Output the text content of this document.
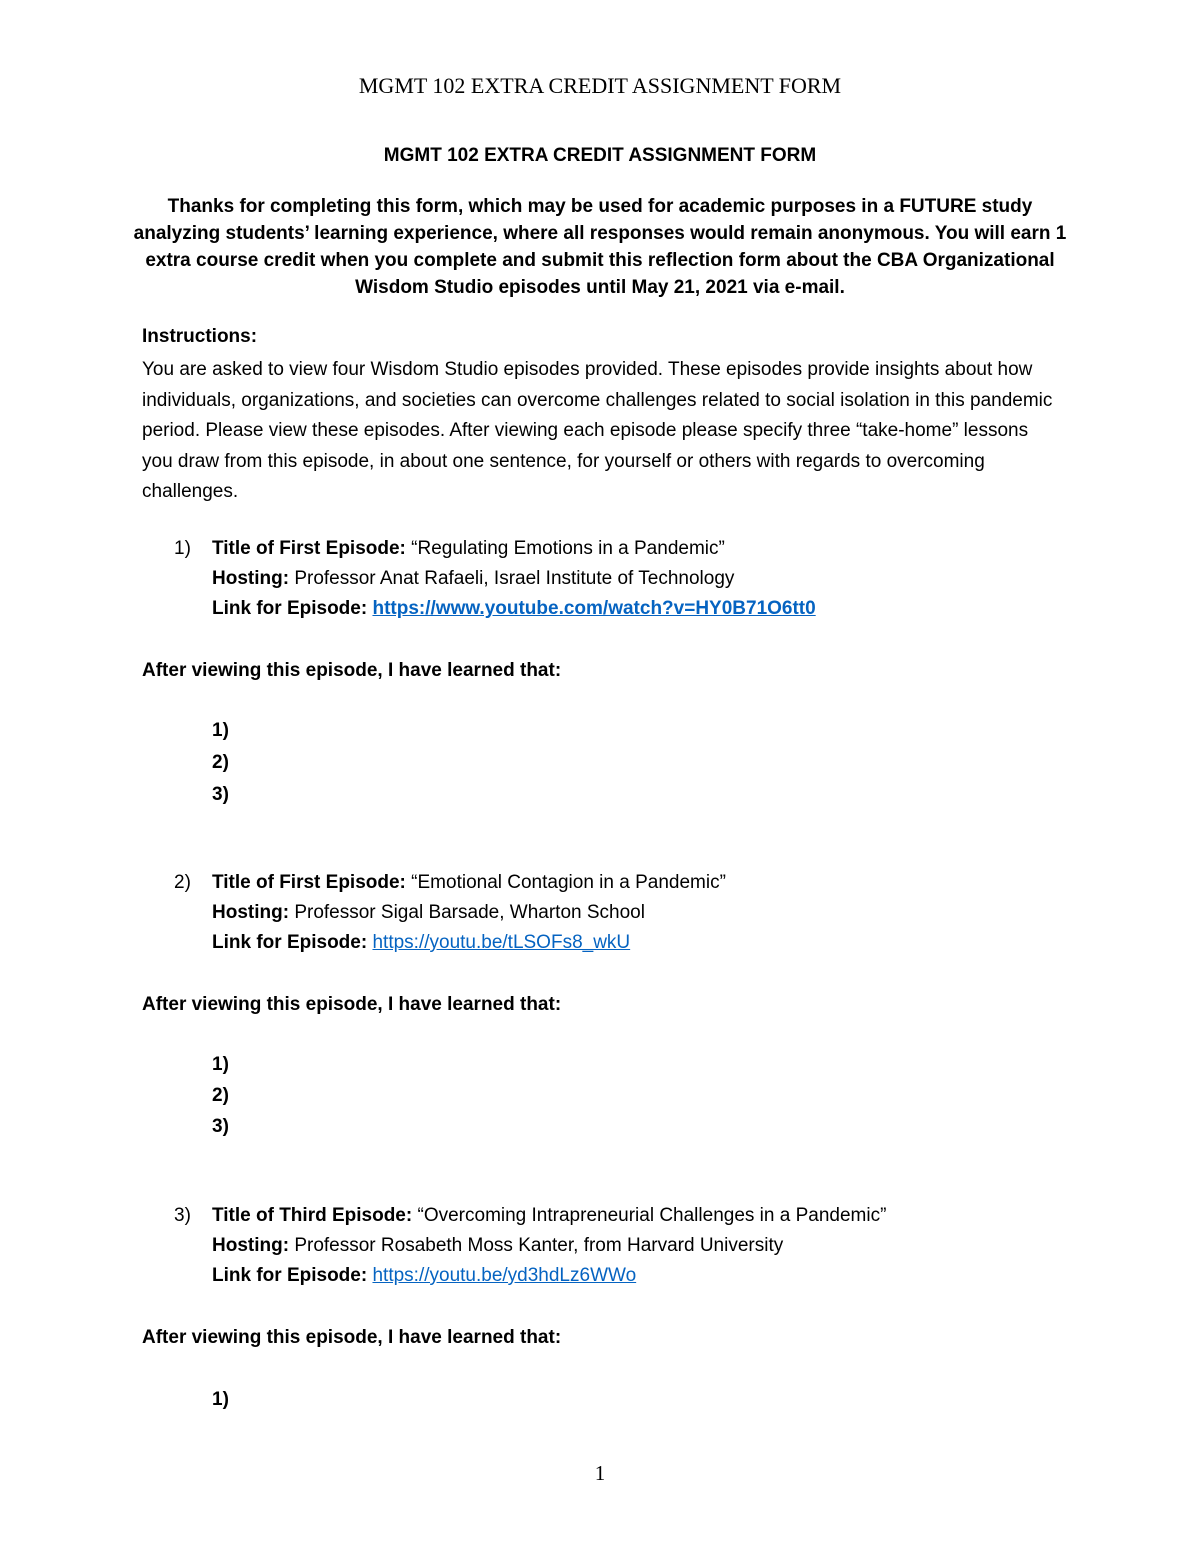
MGMT 102 EXTRA CREDIT ASSIGNMENT FORM
MGMT 102 EXTRA CREDIT ASSIGNMENT FORM
Thanks for completing this form, which may be used for academic purposes in a FUTURE study analyzing students’ learning experience, where all responses would remain anonymous. You will earn 1 extra course credit when you complete and submit this reflection form about the CBA Organizational Wisdom Studio episodes until May 21, 2021 via e-mail.
Instructions:
You are asked to view four Wisdom Studio episodes provided. These episodes provide insights about how individuals, organizations, and societies can overcome challenges related to social isolation in this pandemic period. Please view these episodes. After viewing each episode please specify three “take-home” lessons you draw from this episode, in about one sentence, for yourself or others with regards to overcoming challenges.
1) Title of First Episode: “Regulating Emotions in a Pandemic”
Hosting: Professor Anat Rafaeli, Israel Institute of Technology
Link for Episode: https://www.youtube.com/watch?v=HY0B71O6tt0
After viewing this episode, I have learned that:
1)
2)
3)
2) Title of First Episode: “Emotional Contagion in a Pandemic”
Hosting: Professor Sigal Barsade, Wharton School
Link for Episode: https://youtu.be/tLSOFs8_wkU
After viewing this episode, I have learned that:
1)
2)
3)
3) Title of Third Episode: “Overcoming Intrapreneurial Challenges in a Pandemic”
Hosting: Professor Rosabeth Moss Kanter, from Harvard University
Link for Episode: https://youtu.be/yd3hdLz6WWo
After viewing this episode, I have learned that:
1)
1
